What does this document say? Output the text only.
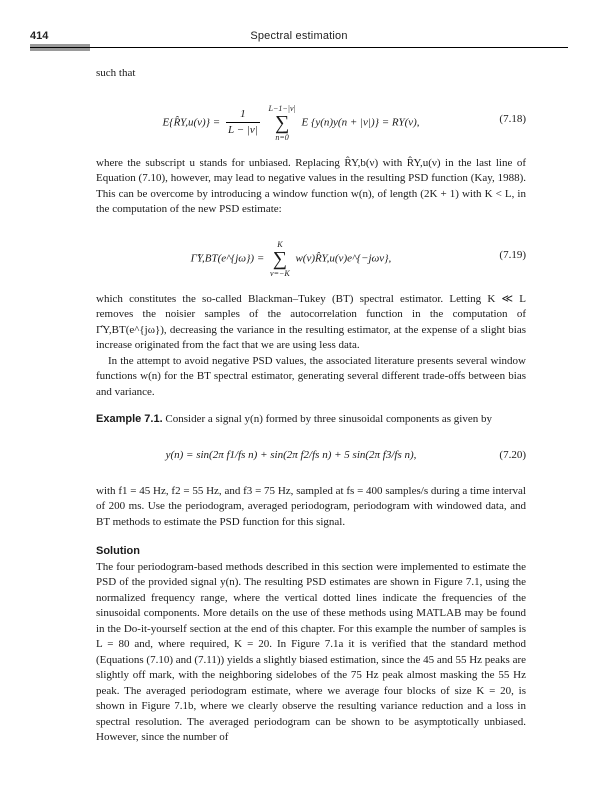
414	Spectral estimation

such that

E{R̂Y,u(ν)} = $\frac{1}{L - |\nu|}$
L−1−|ν|
∑
n=0
E {y(n)y(n + |ν|)} = RY(ν),	(7.18)

where the subscript u stands for unbiased. Replacing R̂Y,b(ν) with R̂Y,u(ν) in the last line of Equation (7.10), however, may lead to negative values in the resulting PSD function (Kay, 1988). This can be overcome by introducing a window function w(n), of length (2K + 1) with K < L, in the computation of the new PSD estimate:

Γ̂Y,BT(e^{jω}) =
K
∑
ν=−K
w(ν)R̂Y,u(ν)e^{−jων},	(7.19)

which constitutes the so-called Blackman–Tukey (BT) spectral estimator. Letting K ≪ L removes the noisier samples of the autocorrelation function in the computation of Γ̂Y,BT(e^{jω}), decreasing the variance in the resulting estimator, at the expense of a slight bias increase originated from the fact that we are using less data.

In the attempt to avoid negative PSD values, the associated literature presents several window functions w(n) for the BT spectral estimator, generating several different trade-offs between bias and variance.

Example 7.1. Consider a signal y(n) formed by three sinusoidal components as given by

y(n) = sin(2π f1/fs n) + sin(2π f2/fs n) + 5 sin(2π f3/fs n),	(7.20)

with f1 = 45 Hz, f2 = 55 Hz, and f3 = 75 Hz, sampled at fs = 400 samples/s during a time interval of 200 ms. Use the periodogram, averaged periodogram, periodogram with windowed data, and BT methods to estimate the PSD function for this signal.

Solution

The four periodogram-based methods described in this section were implemented to estimate the PSD of the provided signal y(n). The resulting PSD estimates are shown in Figure 7.1, using the normalized frequency range, where the vertical dotted lines indicate the frequencies of the sinusoidal components. More details on the use of these methods using MATLAB may be found in the Do-it-yourself section at the end of this chapter. For this example the number of samples is L = 80 and, where required, K = 20. In Figure 7.1a it is verified that the standard method (Equations (7.10) and (7.11)) yields a slightly biased estimation, since the 45 and 55 Hz peaks are slightly off mark, with the neighboring sidelobes of the 75 Hz peak almost masking the 55 Hz peak. The averaged periodogram estimate, where we average four blocks of size K = 20, is shown in Figure 7.1b, where we clearly observe the resulting variance reduction and a loss in spectral resolution. The averaged periodogram can be shown to be asymptotically unbiased. However, since the number of
